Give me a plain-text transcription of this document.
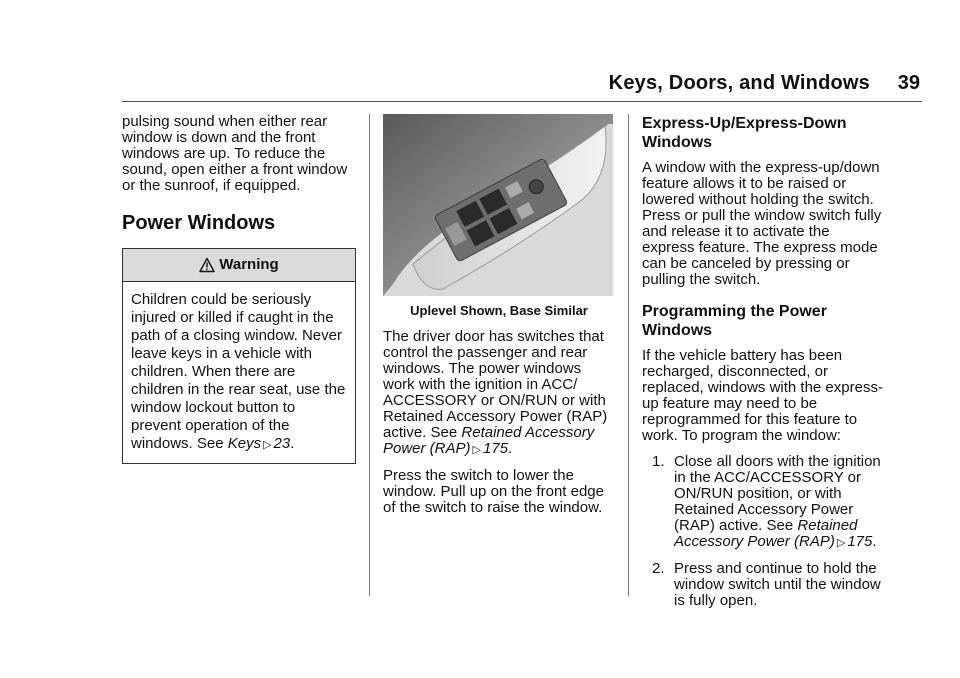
Keys, Doors, and Windows 39

pulsing sound when either rear window is down and the front windows are up. To reduce the sound, open either a front window or the sunroof, if equipped.

Power Windows
Warning
Children could be seriously injured or killed if caught in the path of a closing window. Never leave keys in a vehicle with children. When there are children in the rear seat, use the window lockout button to prevent operation of the windows. See Keys ▷ 23.
Uplevel Shown, Base Similar

The driver door has switches that control the passenger and rear windows. The power windows work with the ignition in ACC/ ACCESSORY or ON/RUN or with Retained Accessory Power (RAP) active. See Retained Accessory Power (RAP) ▷ 175.

Press the switch to lower the window. Pull up on the front edge of the switch to raise the window.

Express-Up/Express-Down Windows

A window with the express-up/down feature allows it to be raised or lowered without holding the switch. Press or pull the window switch fully and release it to activate the express feature. The express mode can be canceled by pressing or pulling the switch.

Programming the Power Windows

If the vehicle battery has been recharged, disconnected, or replaced, windows with the express-up feature may need to be reprogrammed for this feature to work. To program the window:

1. Close all doors with the ignition in the ACC/ACCESSORY or ON/RUN position, or with Retained Accessory Power (RAP) active. See Retained Accessory Power (RAP) ▷ 175.
2. Press and continue to hold the window switch until the window is fully open.
